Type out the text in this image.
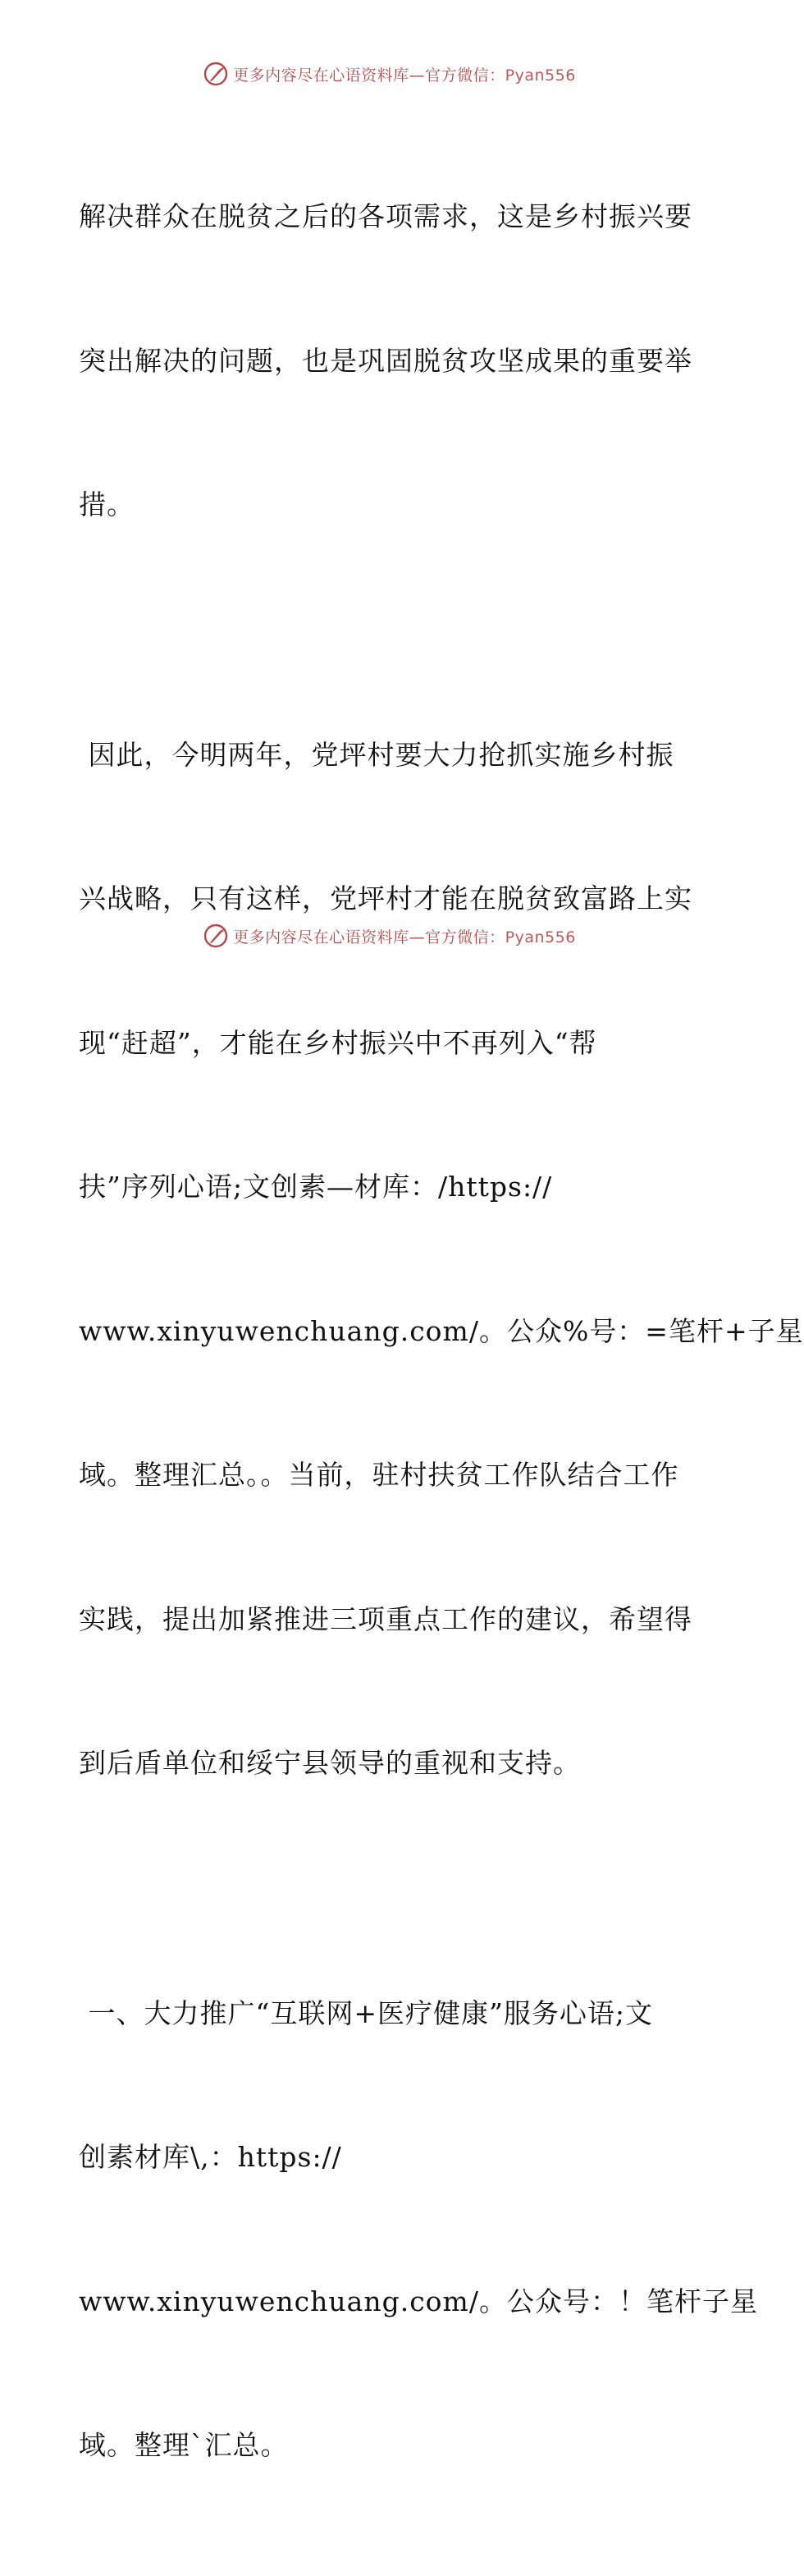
更多内容尽在心语资料库—官方微信：Pyan556

解决群众在脱贫之后的各项需求，这是乡村振兴要

突出解决的问题，也是巩固脱贫攻坚成果的重要举

措。

因此，今明两年，党坪村要大力抢抓实施乡村振

兴战略，只有这样，党坪村才能在脱贫致富路上实

现“赶超”，才能在乡村振兴中不再列入“帮

扶”序列心语;文创素—材库：/https://

www.xinyuwenchuang.com/。公众%号：=笔杆+子星

域。整理汇总。。当前，驻村扶贫工作队结合工作

实践，提出加紧推进三项重点工作的建议，希望得

到后盾单位和绥宁县领导的重视和支持。

一、大力推广“互联网+医疗健康”服务心语;文

创素材库\,：https://

www.xinyuwenchuang.com/。公众号：！笔杆子星

域。整理`汇总。

更多内容尽在心语资料库—官方微信：Pyan556
